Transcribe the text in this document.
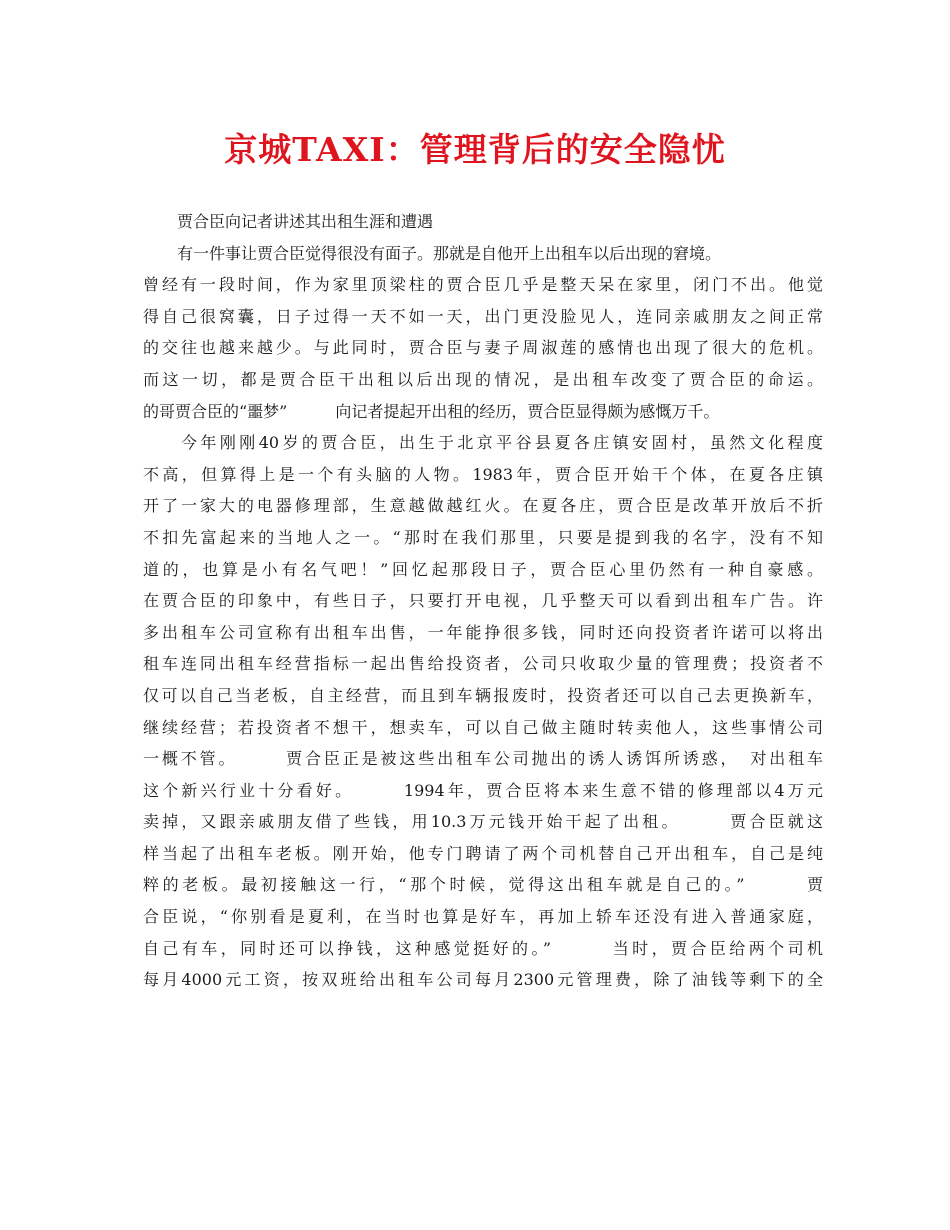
京城TAXI：管理背后的安全隐忧
贾合臣向记者讲述其出租生涯和遭遇
有一件事让贾合臣觉得很没有面子。那就是自他开上出租车以后出现的窘境。
曾经有一段时间，作为家里顶梁柱的贾合臣几乎是整天呆在家里，闭门不出。他觉
得自己很窝囊，日子过得一天不如一天，出门更没脸见人，连同亲戚朋友之间正常
的交往也越来越少。与此同时，贾合臣与妻子周淑莲的感情也出现了很大的危机。
而这一切，都是贾合臣干出租以后出现的情况，是出租车改变了贾合臣的命运。
的哥贾合臣的“噩梦”　　　向记者提起开出租的经历，贾合臣显得颇为感慨万千。
今年刚刚40岁的贾合臣，出生于北京平谷县夏各庄镇安固村，虽然文化程度
不高，但算得上是一个有头脑的人物。1983年，贾合臣开始干个体，在夏各庄镇
开了一家大的电器修理部，生意越做越红火。在夏各庄，贾合臣是改革开放后不折
不扣先富起来的当地人之一。“那时在我们那里，只要是提到我的名字，没有不知
道的，也算是小有名气吧！”回忆起那段日子，贾合臣心里仍然有一种自豪感。
在贾合臣的印象中，有些日子，只要打开电视，几乎整天可以看到出租车广告。许
多出租车公司宣称有出租车出售，一年能挣很多钱，同时还向投资者许诺可以将出
租车连同出租车经营指标一起出售给投资者，公司只收取少量的管理费；投资者不
仅可以自己当老板，自主经营，而且到车辆报废时，投资者还可以自己去更换新车，
继续经营；若投资者不想干，想卖车，可以自己做主随时转卖他人，这些事情公司
一概不管。　　　贾合臣正是被这些出租车公司抛出的诱人诱饵所诱惑，　对出租车
这个新兴行业十分看好。　　　1994年，贾合臣将本来生意不错的修理部以4万元
卖掉，又跟亲戚朋友借了些钱，用10.3万元钱开始干起了出租。　　　贾合臣就这
样当起了出租车老板。刚开始，他专门聘请了两个司机替自己开出租车，自己是纯
粹的老板。最初接触这一行，“那个时候，觉得这出租车就是自己的。”　　　贾
合臣说，“你别看是夏利，在当时也算是好车，再加上轿车还没有进入普通家庭，
自己有车，同时还可以挣钱，这种感觉挺好的。”　　　当时，贾合臣给两个司机
每月4000元工资，按双班给出租车公司每月2300元管理费，除了油钱等剩下的全
